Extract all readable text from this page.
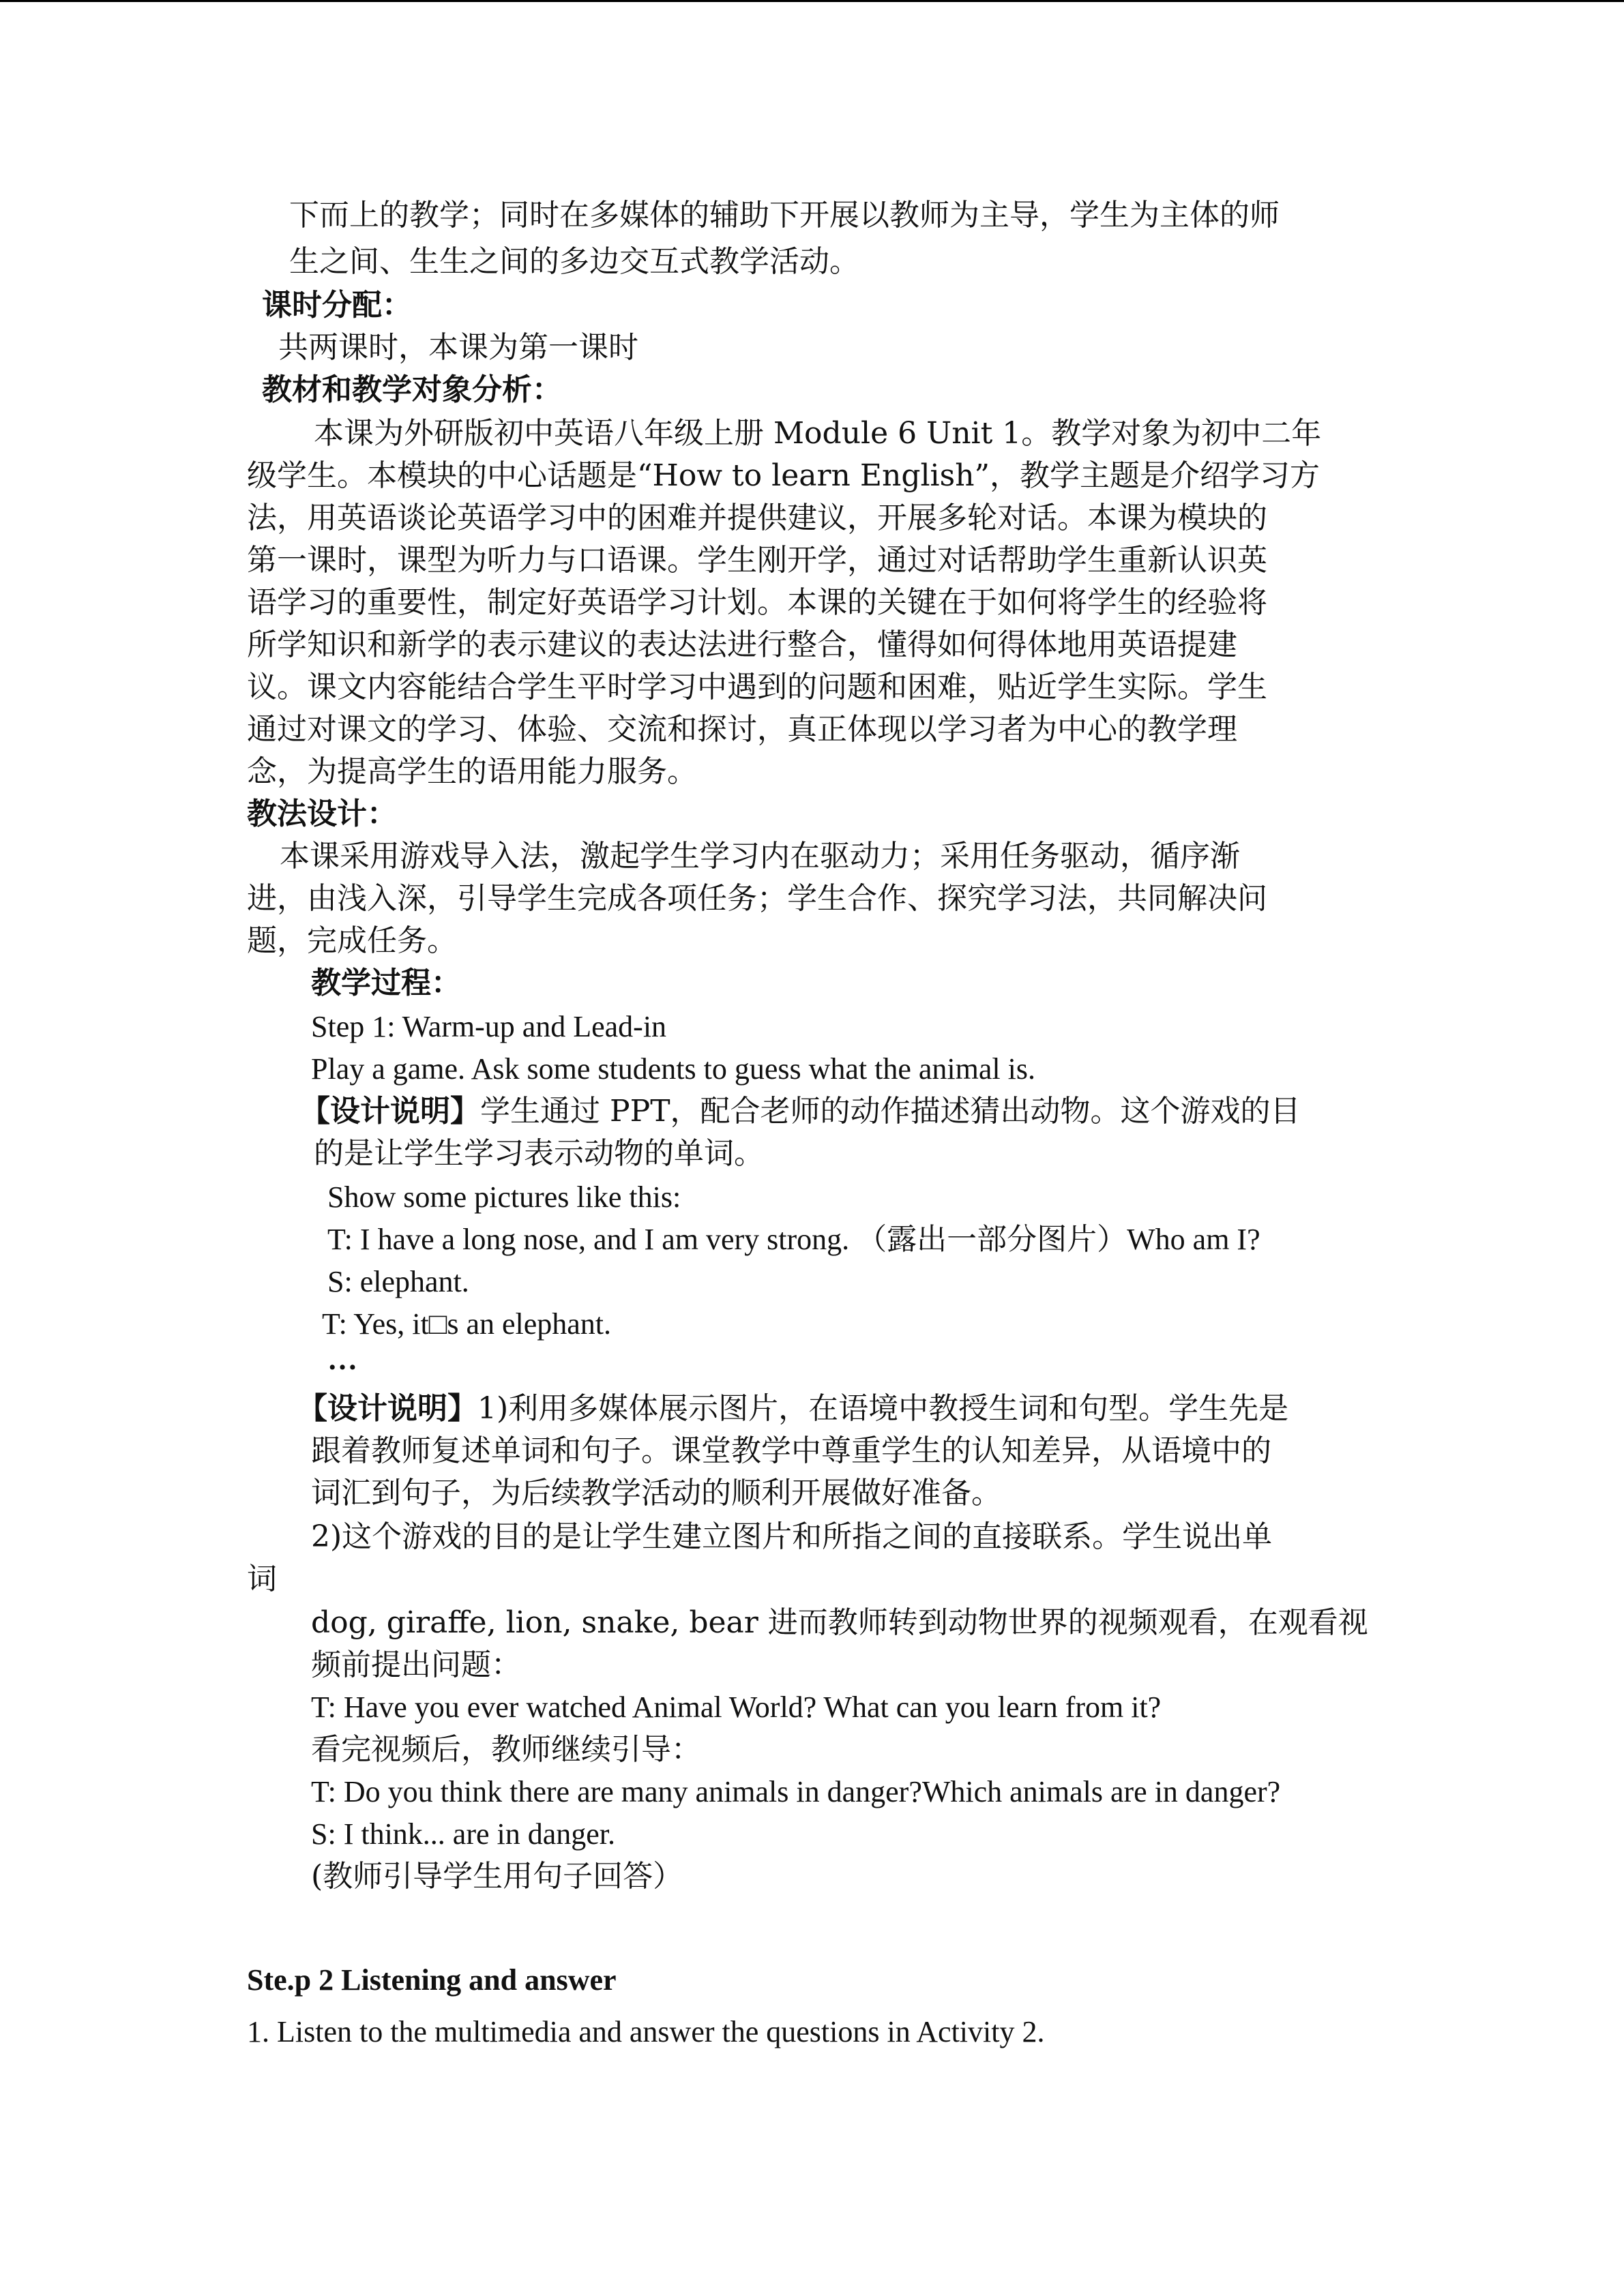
下而上的教学；同时在多媒体的辅助下开展以教师为主导，学生为主体的师

生之间、生生之间的多边交互式教学活动。

课时分配：

共两课时，本课为第一课时

教材和教学对象分析：

本课为外研版初中英语八年级上册 Module 6 Unit 1。教学对象为初中二年

级学生。本模块的中心话题是“How to learn English”，教学主题是介绍学习方

法，用英语谈论英语学习中的困难并提供建议，开展多轮对话。本课为模块的

第一课时，课型为听力与口语课。学生刚开学，通过对话帮助学生重新认识英

语学习的重要性，制定好英语学习计划。本课的关键在于如何将学生的经验将

所学知识和新学的表示建议的表达法进行整合，懂得如何得体地用英语提建

议。课文内容能结合学生平时学习中遇到的问题和困难，贴近学生实际。学生

通过对课文的学习、体验、交流和探讨，真正体现以学习者为中心的教学理

念，为提高学生的语用能力服务。

教法设计：

本课采用游戏导入法，激起学生学习内在驱动力；采用任务驱动，循序渐

进，由浅入深，引导学生完成各项任务；学生合作、探究学习法，共同解决问

题，完成任务。

教学过程：

Step 1: Warm-up and Lead-in

Play a game. Ask some students to guess what the animal is.

【设计说明】学生通过 PPT，配合老师的动作描述猜出动物。这个游戏的目

的是让学生学习表示动物的单词。

Show some pictures like this:

T: I have a long nose, and I am very strong. （露出一部分图片）Who am I?

S: elephant.

T: Yes, it□s an elephant.

…

【设计说明】1)利用多媒体展示图片，在语境中教授生词和句型。学生先是

跟着教师复述单词和句子。课堂教学中尊重学生的认知差异，从语境中的

词汇到句子，为后续教学活动的顺利开展做好准备。

2)这个游戏的目的是让学生建立图片和所指之间的直接联系。学生说出单

词

dog, giraffe, lion, snake, bear 进而教师转到动物世界的视频观看，在观看视

频前提出问题：

T: Have you ever watched Animal World? What can you learn from it?

看完视频后，教师继续引导：

T: Do you think there are many animals in danger?Which animals are in danger?

S: I think... are in danger.

(教师引导学生用句子回答）

Ste.p 2 Listening and answer

1. Listen to the multimedia and answer the questions in Activity 2.
